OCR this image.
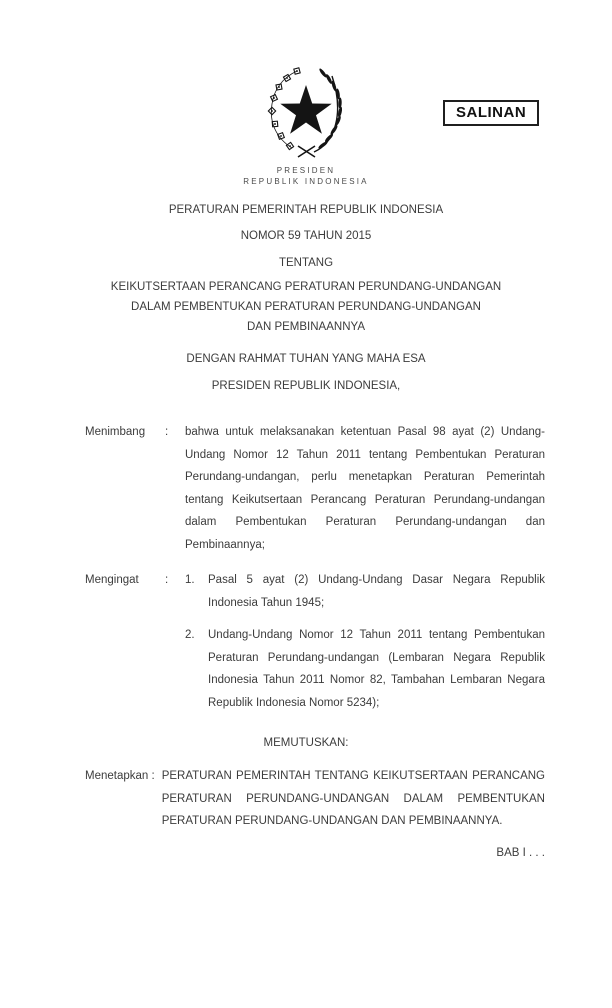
SALINAN
PRESIDEN
REPUBLIK INDONESIA
PERATURAN PEMERINTAH REPUBLIK INDONESIA
NOMOR 59 TAHUN 2015
TENTANG
KEIKUTSERTAAN PERANCANG PERATURAN PERUNDANG-UNDANGAN
DALAM PEMBENTUKAN PERATURAN PERUNDANG-UNDANGAN
DAN PEMBINAANNYA
DENGAN RAHMAT TUHAN YANG MAHA ESA
PRESIDEN REPUBLIK INDONESIA,
Menimbang	:	bahwa untuk melaksanakan ketentuan Pasal 98 ayat (2) Undang-Undang Nomor 12 Tahun 2011 tentang Pembentukan Peraturan Perundang-undangan, perlu menetapkan Peraturan Pemerintah tentang Keikutsertaan Perancang Peraturan Perundang-undangan dalam Pembentukan Peraturan Perundang-undangan dan Pembinaannya;
Mengingat	:	1.	Pasal 5 ayat (2) Undang-Undang Dasar Negara Republik Indonesia Tahun 1945;
2.	Undang-Undang Nomor 12 Tahun 2011 tentang Pembentukan Peraturan Perundang-undangan (Lembaran Negara Republik Indonesia Tahun 2011 Nomor 82, Tambahan Lembaran Negara Republik Indonesia Nomor 5234);
MEMUTUSKAN:
Menetapkan : PERATURAN PEMERINTAH TENTANG KEIKUTSERTAAN PERANCANG PERATURAN PERUNDANG-UNDANGAN DALAM PEMBENTUKAN PERATURAN PERUNDANG-UNDANGAN DAN PEMBINAANNYA.
BAB I . . .
